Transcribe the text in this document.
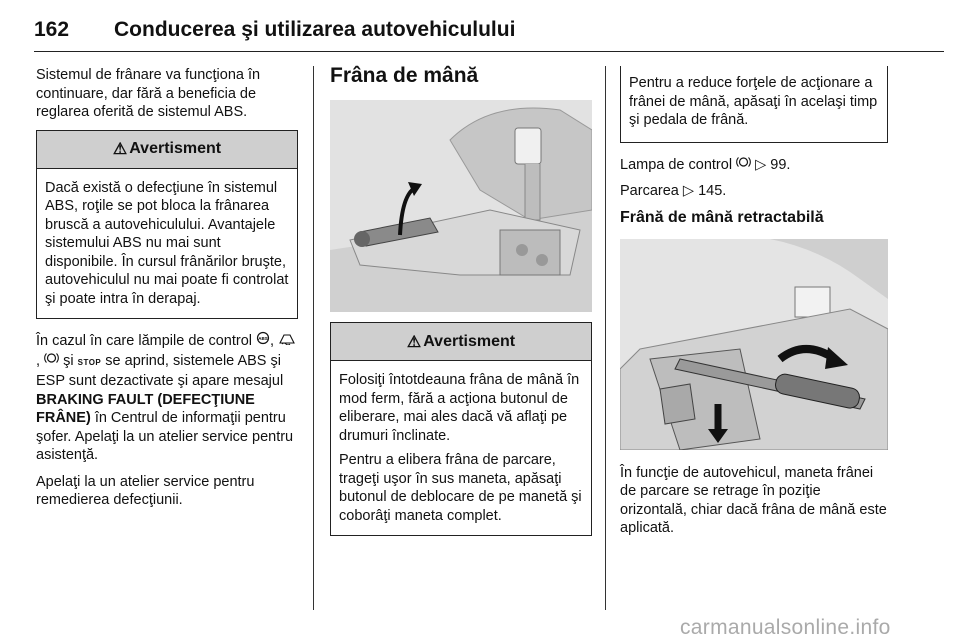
162 Conducerea şi utilizarea autovehiculului

Sistemul de frânare va funcţiona în continuare, dar fără a beneficia de reglarea oferită de sistemul ABS.

⚠ Avertisment

Dacă există o defecţiune în sistemul ABS, roţile se pot bloca la frânarea bruscă a autovehiculului. Avantajele sistemului ABS nu mai sunt disponibile. În cursul frânărilor bruşte, autovehiculul nu mai poate fi controlat şi poate intra în derapaj.

În cazul în care lămpile de control ABS , ,  şi STOP se aprind, sistemele ABS şi ESP sunt dezactivate şi apare mesajul BRAKING FAULT (DEFECŢIUNE FRÂNE) în Centrul de informaţii pentru şofer. Apelaţi la un atelier service pentru asistenţă.

Apelaţi la un atelier service pentru remedierea defecţiunii.

Frâna de mână
⚠ Avertisment

Folosiţi întotdeauna frâna de mână în mod ferm, fără a acţiona butonul de eliberare, mai ales dacă vă aflaţi pe drumuri înclinate.

Pentru a elibera frâna de parcare, trageţi uşor în sus maneta, apăsaţi butonul de deblocare de pe manetă şi coborâţi maneta complet.

Pentru a reduce forţele de acţionare a frânei de mână, apăsaţi în acelaşi timp şi pedala de frână.

Lampa de control ▷ 99.

Parcarea ▷ 145.

Frână de mână retractabilă

În funcţie de autovehicul, maneta frânei de parcare se retrage în poziţie orizontală, chiar dacă frâna de mână este aplicată.

carmanualsonline.info
